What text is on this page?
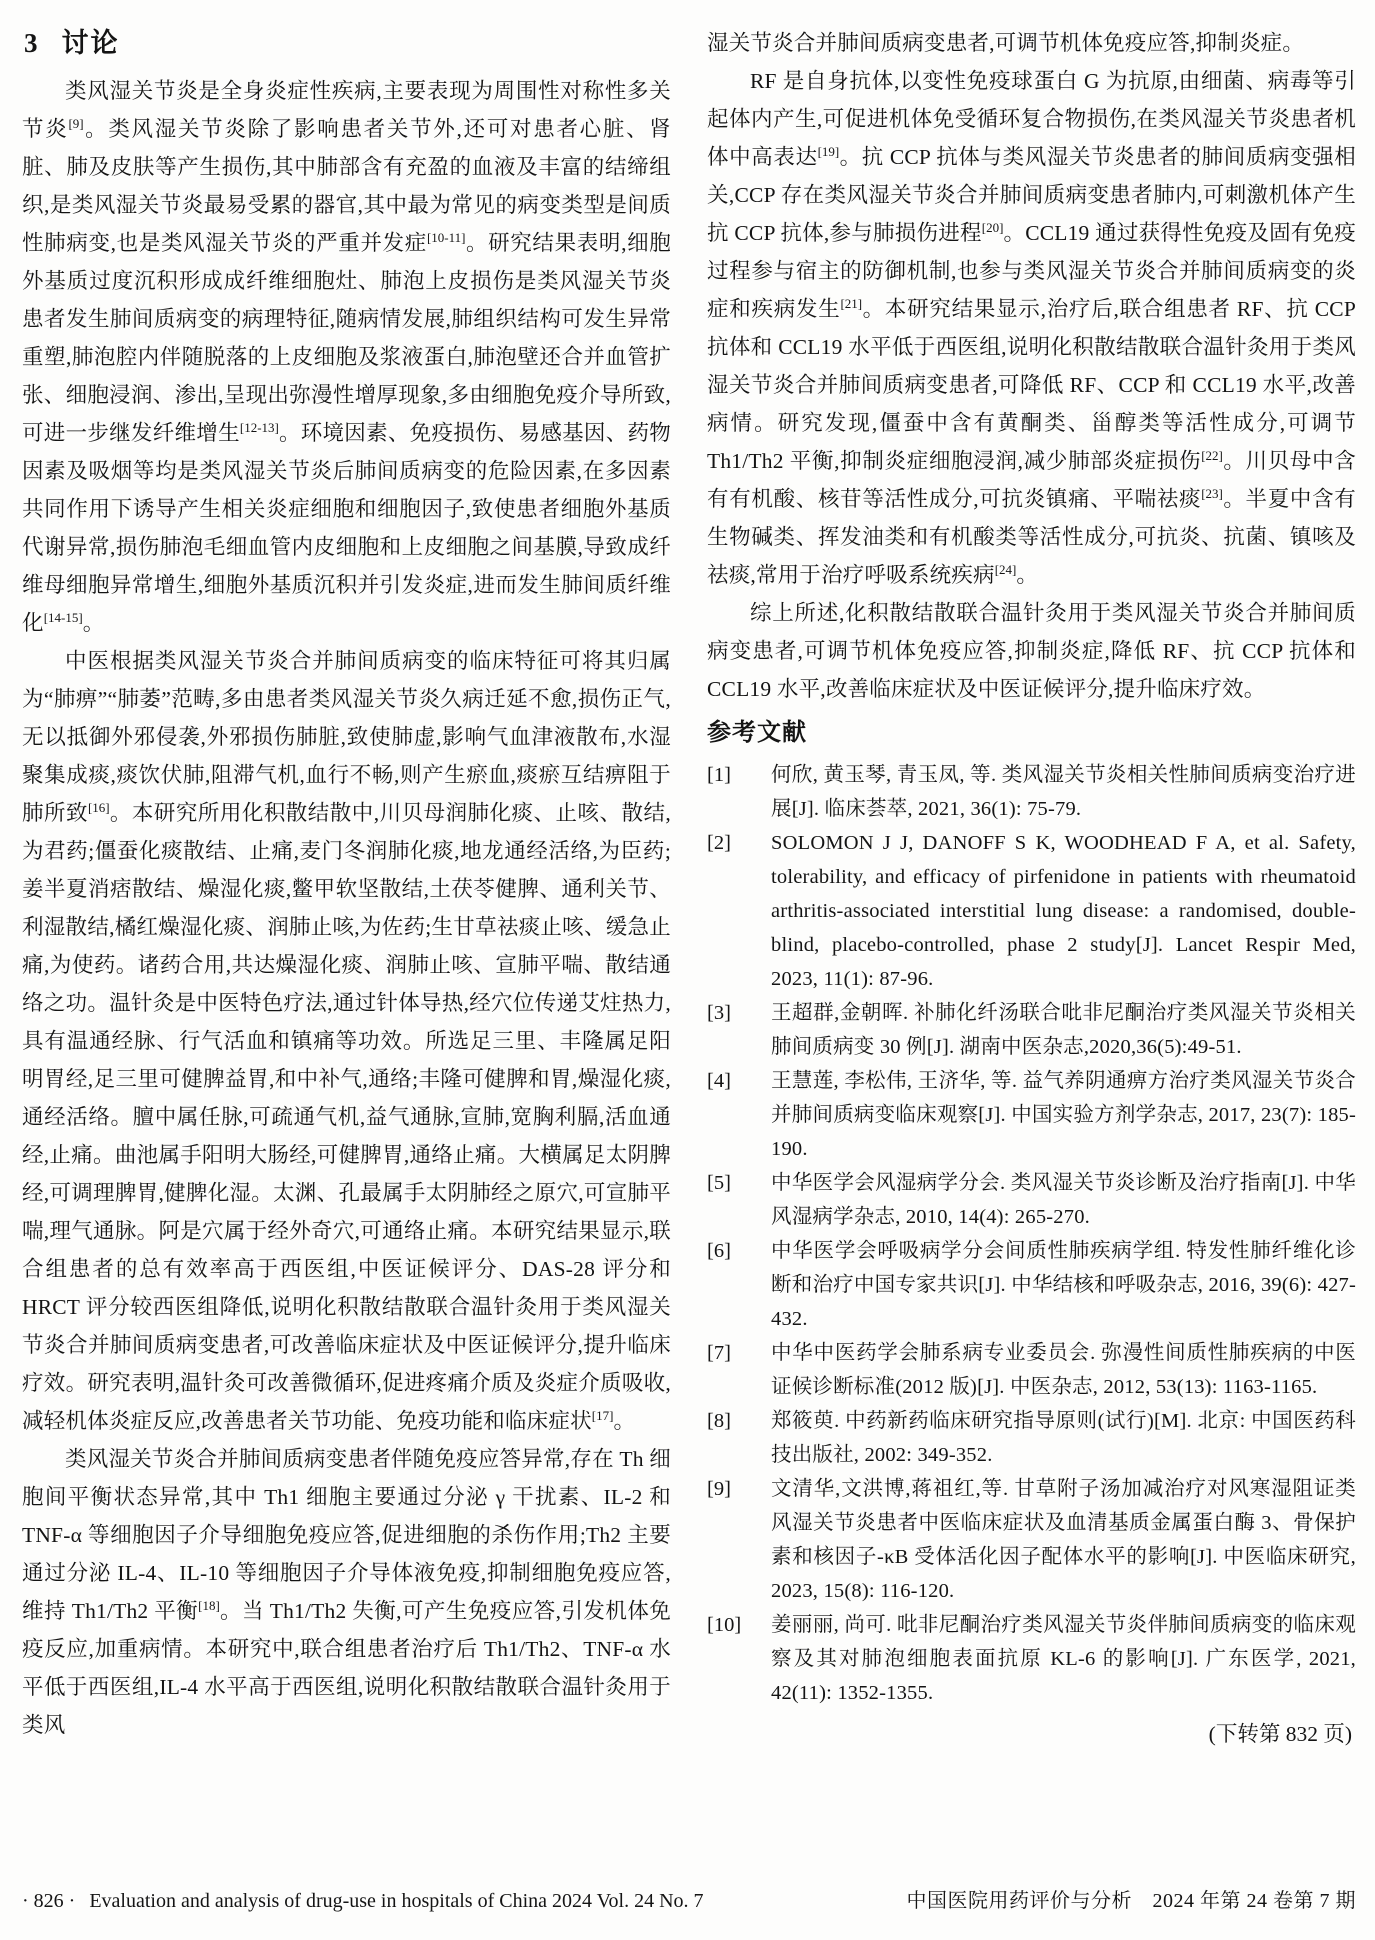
3 讨论

类风湿关节炎是全身炎症性疾病,主要表现为周围性对称性多关节炎[9]。类风湿关节炎除了影响患者关节外,还可对患者心脏、肾脏、肺及皮肤等产生损伤,其中肺部含有充盈的血液及丰富的结缔组织,是类风湿关节炎最易受累的器官,其中最为常见的病变类型是间质性肺病变,也是类风湿关节炎的严重并发症[10-11]。研究结果表明,细胞外基质过度沉积形成成纤维细胞灶、肺泡上皮损伤是类风湿关节炎患者发生肺间质病变的病理特征,随病情发展,肺组织结构可发生异常重塑,肺泡腔内伴随脱落的上皮细胞及浆液蛋白,肺泡壁还合并血管扩张、细胞浸润、渗出,呈现出弥漫性增厚现象,多由细胞免疫介导所致,可进一步继发纤维增生[12-13]。环境因素、免疫损伤、易感基因、药物因素及吸烟等均是类风湿关节炎后肺间质病变的危险因素,在多因素共同作用下诱导产生相关炎症细胞和细胞因子,致使患者细胞外基质代谢异常,损伤肺泡毛细血管内皮细胞和上皮细胞之间基膜,导致成纤维母细胞异常增生,细胞外基质沉积并引发炎症,进而发生肺间质纤维化[14-15]。

中医根据类风湿关节炎合并肺间质病变的临床特征可将其归属为“肺痹”“肺萎”范畴,多由患者类风湿关节炎久病迁延不愈,损伤正气,无以抵御外邪侵袭,外邪损伤肺脏,致使肺虚,影响气血津液散布,水湿聚集成痰,痰饮伏肺,阻滞气机,血行不畅,则产生瘀血,痰瘀互结痹阻于肺所致[16]。本研究所用化积散结散中,川贝母润肺化痰、止咳、散结,为君药;僵蚕化痰散结、止痛,麦门冬润肺化痰,地龙通经活络,为臣药;姜半夏消痞散结、燥湿化痰,鳖甲软坚散结,土茯苓健脾、通利关节、利湿散结,橘红燥湿化痰、润肺止咳,为佐药;生甘草祛痰止咳、缓急止痛,为使药。诸药合用,共达燥湿化痰、润肺止咳、宣肺平喘、散结通络之功。温针灸是中医特色疗法,通过针体导热,经穴位传递艾炷热力,具有温通经脉、行气活血和镇痛等功效。所选足三里、丰隆属足阳明胃经,足三里可健脾益胃,和中补气,通络;丰隆可健脾和胃,燥湿化痰,通经活络。膻中属任脉,可疏通气机,益气通脉,宣肺,宽胸利膈,活血通经,止痛。曲池属手阳明大肠经,可健脾胃,通络止痛。大横属足太阴脾经,可调理脾胃,健脾化湿。太渊、孔最属手太阴肺经之原穴,可宣肺平喘,理气通脉。阿是穴属于经外奇穴,可通络止痛。本研究结果显示,联合组患者的总有效率高于西医组,中医证候评分、DAS-28 评分和 HRCT 评分较西医组降低,说明化积散结散联合温针灸用于类风湿关节炎合并肺间质病变患者,可改善临床症状及中医证候评分,提升临床疗效。研究表明,温针灸可改善微循环,促进疼痛介质及炎症介质吸收,减轻机体炎症反应,改善患者关节功能、免疫功能和临床症状[17]。

类风湿关节炎合并肺间质病变患者伴随免疫应答异常,存在 Th 细胞间平衡状态异常,其中 Th1 细胞主要通过分泌 γ 干扰素、IL-2 和 TNF-α 等细胞因子介导细胞免疫应答,促进细胞的杀伤作用;Th2 主要通过分泌 IL-4、IL-10 等细胞因子介导体液免疫,抑制细胞免疫应答,维持 Th1/Th2 平衡[18]。当 Th1/Th2 失衡,可产生免疫应答,引发机体免疫反应,加重病情。本研究中,联合组患者治疗后 Th1/Th2、TNF-α 水平低于西医组,IL-4 水平高于西医组,说明化积散结散联合温针灸用于类风

湿关节炎合并肺间质病变患者,可调节机体免疫应答,抑制炎症。

RF 是自身抗体,以变性免疫球蛋白 G 为抗原,由细菌、病毒等引起体内产生,可促进机体免受循环复合物损伤,在类风湿关节炎患者机体中高表达[19]。抗 CCP 抗体与类风湿关节炎患者的肺间质病变强相关,CCP 存在类风湿关节炎合并肺间质病变患者肺内,可刺激机体产生抗 CCP 抗体,参与肺损伤进程[20]。CCL19 通过获得性免疫及固有免疫过程参与宿主的防御机制,也参与类风湿关节炎合并肺间质病变的炎症和疾病发生[21]。本研究结果显示,治疗后,联合组患者 RF、抗 CCP 抗体和 CCL19 水平低于西医组,说明化积散结散联合温针灸用于类风湿关节炎合并肺间质病变患者,可降低 RF、CCP 和 CCL19 水平,改善病情。研究发现,僵蚕中含有黄酮类、甾醇类等活性成分,可调节 Th1/Th2 平衡,抑制炎症细胞浸润,减少肺部炎症损伤[22]。川贝母中含有有机酸、核苷等活性成分,可抗炎镇痛、平喘祛痰[23]。半夏中含有生物碱类、挥发油类和有机酸类等活性成分,可抗炎、抗菌、镇咳及祛痰,常用于治疗呼吸系统疾病[24]。

综上所述,化积散结散联合温针灸用于类风湿关节炎合并肺间质病变患者,可调节机体免疫应答,抑制炎症,降低 RF、抗 CCP 抗体和 CCL19 水平,改善临床症状及中医证候评分,提升临床疗效。

参考文献
[1]	何欣, 黄玉琴, 青玉凤, 等. 类风湿关节炎相关性肺间质病变治疗进展[J]. 临床荟萃, 2021, 36(1): 75-79.
[2]	SOLOMON J J, DANOFF S K, WOODHEAD F A, et al. Safety, tolerability, and efficacy of pirfenidone in patients with rheumatoid arthritis-associated interstitial lung disease: a randomised, double-blind, placebo-controlled, phase 2 study[J]. Lancet Respir Med, 2023, 11(1): 87-96.
[3]	王超群,金朝晖. 补肺化纤汤联合吡非尼酮治疗类风湿关节炎相关肺间质病变 30 例[J]. 湖南中医杂志,2020,36(5):49-51.
[4]	王慧莲, 李松伟, 王济华, 等. 益气养阴通痹方治疗类风湿关节炎合并肺间质病变临床观察[J]. 中国实验方剂学杂志, 2017, 23(7): 185-190.
[5]	中华医学会风湿病学分会. 类风湿关节炎诊断及治疗指南[J]. 中华风湿病学杂志, 2010, 14(4): 265-270.
[6]	中华医学会呼吸病学分会间质性肺疾病学组. 特发性肺纤维化诊断和治疗中国专家共识[J]. 中华结核和呼吸杂志, 2016, 39(6): 427-432.
[7]	中华中医药学会肺系病专业委员会. 弥漫性间质性肺疾病的中医证候诊断标准(2012 版)[J]. 中医杂志, 2012, 53(13): 1163-1165.
[8]	郑筱萸. 中药新药临床研究指导原则(试行)[M]. 北京: 中国医药科技出版社, 2002: 349-352.
[9]	文清华,文洪博,蒋祖红,等. 甘草附子汤加减治疗对风寒湿阻证类风湿关节炎患者中医临床症状及血清基质金属蛋白酶 3、骨保护素和核因子-κB 受体活化因子配体水平的影响[J]. 中医临床研究, 2023, 15(8): 116-120.
[10]	姜丽丽, 尚可. 吡非尼酮治疗类风湿关节炎伴肺间质病变的临床观察及其对肺泡细胞表面抗原 KL-6 的影响[J]. 广东医学, 2021, 42(11): 1352-1355.
(下转第 832 页)
· 826 · Evaluation and analysis of drug-use in hospitals of China 2024 Vol. 24 No. 7	中国医院用药评价与分析　2024 年第 24 卷第 7 期
